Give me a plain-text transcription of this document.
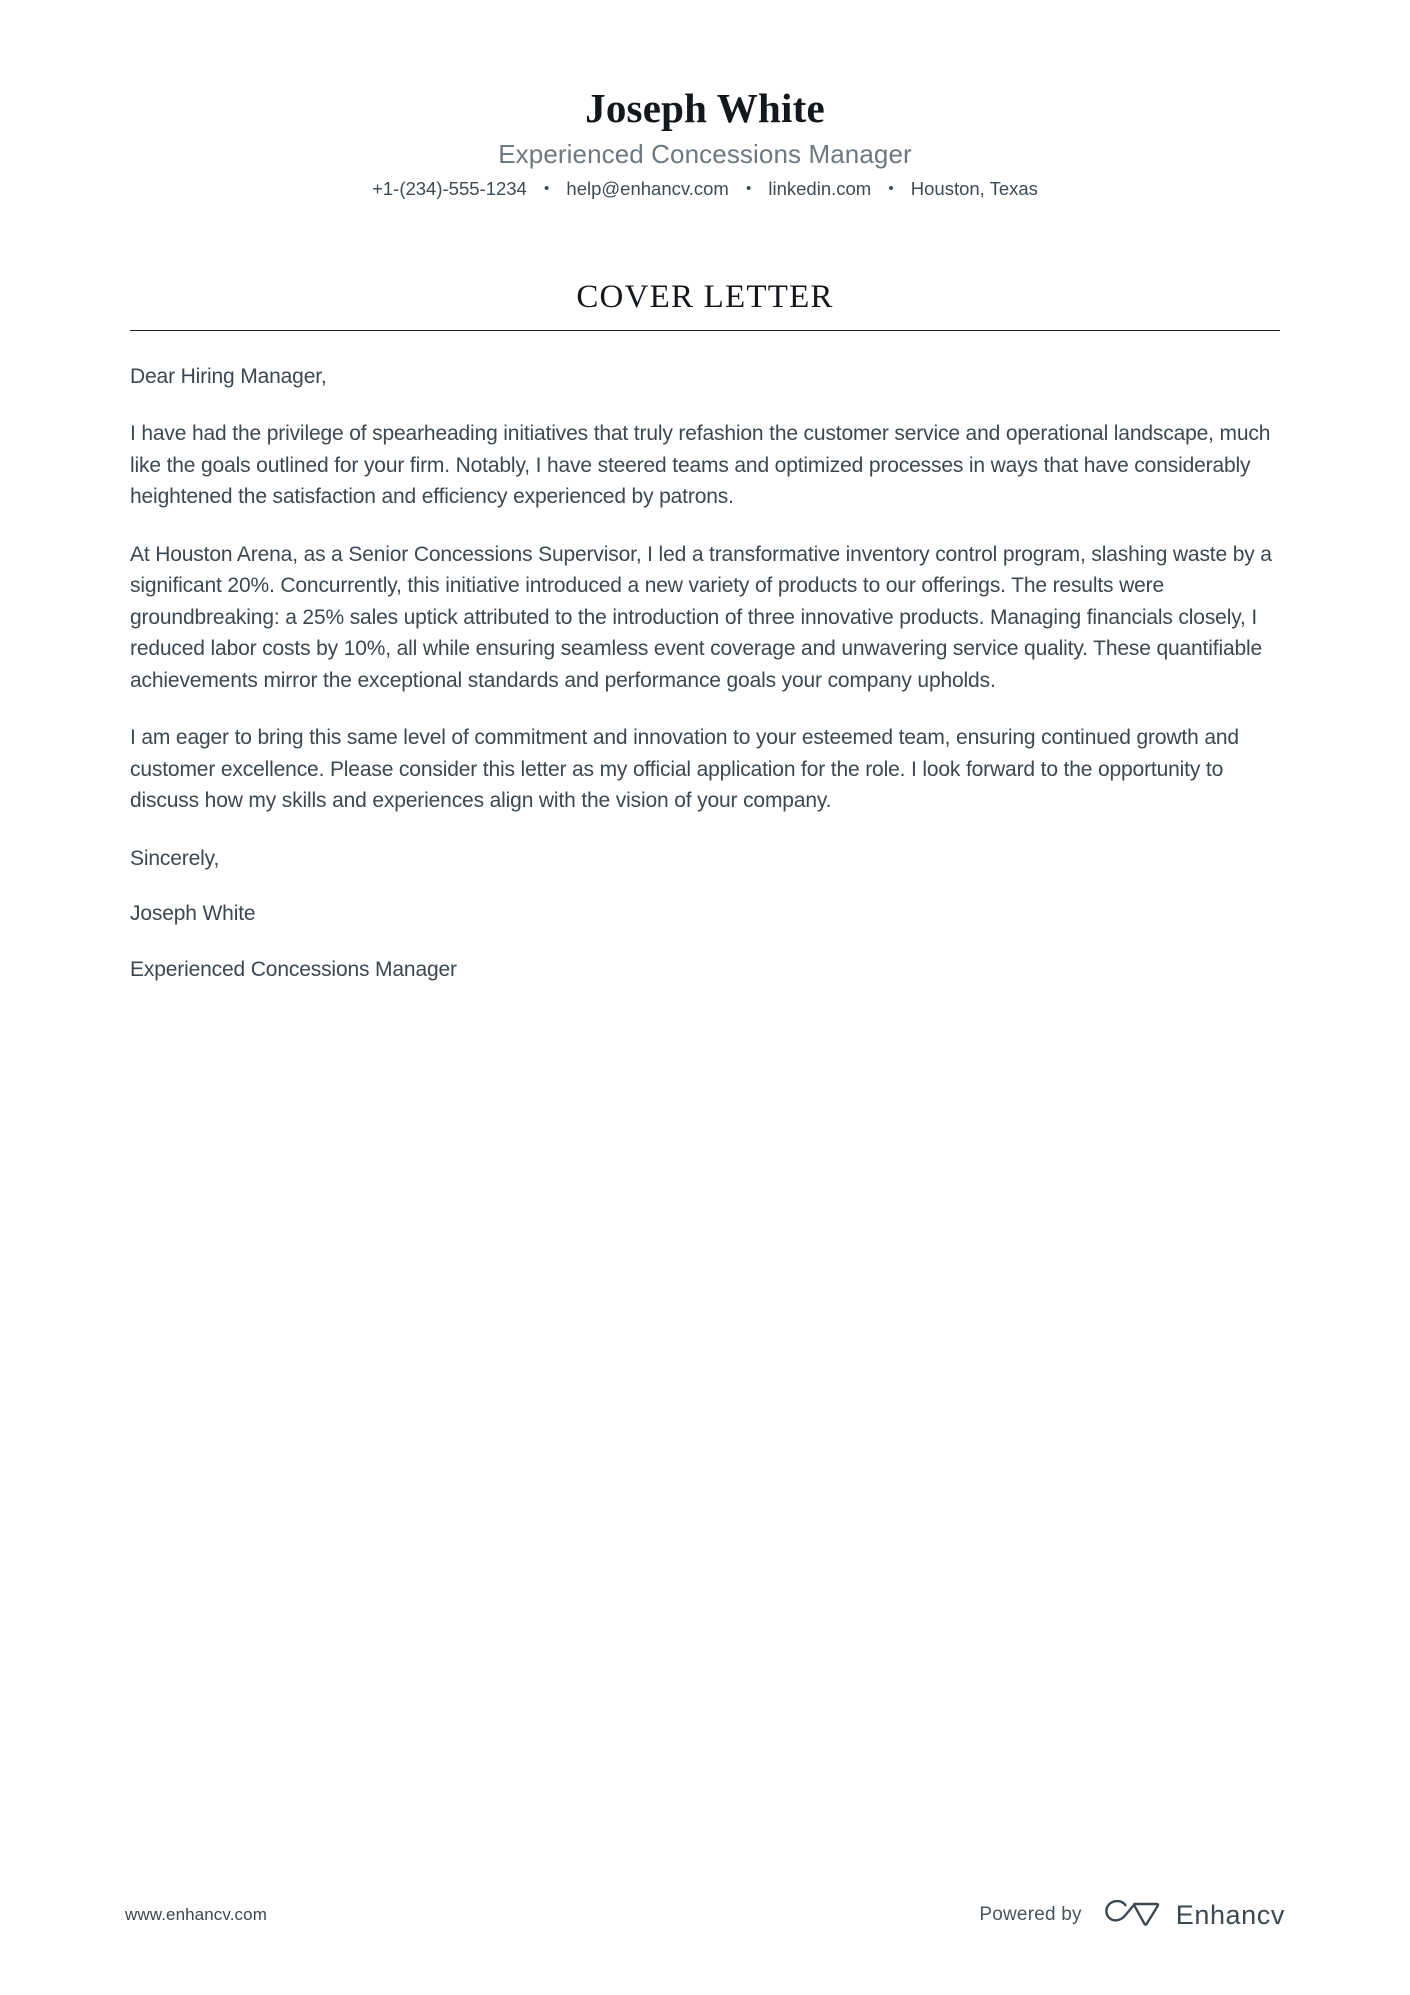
Joseph White
Experienced Concessions Manager
+1-(234)-555-1234 • help@enhancv.com • linkedin.com • Houston, Texas
COVER LETTER

Dear Hiring Manager,

I have had the privilege of spearheading initiatives that truly refashion the customer service and operational landscape, much like the goals outlined for your firm. Notably, I have steered teams and optimized processes in ways that have considerably heightened the satisfaction and efficiency experienced by patrons.

At Houston Arena, as a Senior Concessions Supervisor, I led a transformative inventory control program, slashing waste by a significant 20%. Concurrently, this initiative introduced a new variety of products to our offerings. The results were groundbreaking: a 25% sales uptick attributed to the introduction of three innovative products. Managing financials closely, I reduced labor costs by 10%, all while ensuring seamless event coverage and unwavering service quality. These quantifiable achievements mirror the exceptional standards and performance goals your company upholds.

I am eager to bring this same level of commitment and innovation to your esteemed team, ensuring continued growth and customer excellence. Please consider this letter as my official application for the role. I look forward to the opportunity to discuss how my skills and experiences align with the vision of your company.

Sincerely,

Joseph White

Experienced Concessions Manager

www.enhancv.com	Powered by	Enhancv
